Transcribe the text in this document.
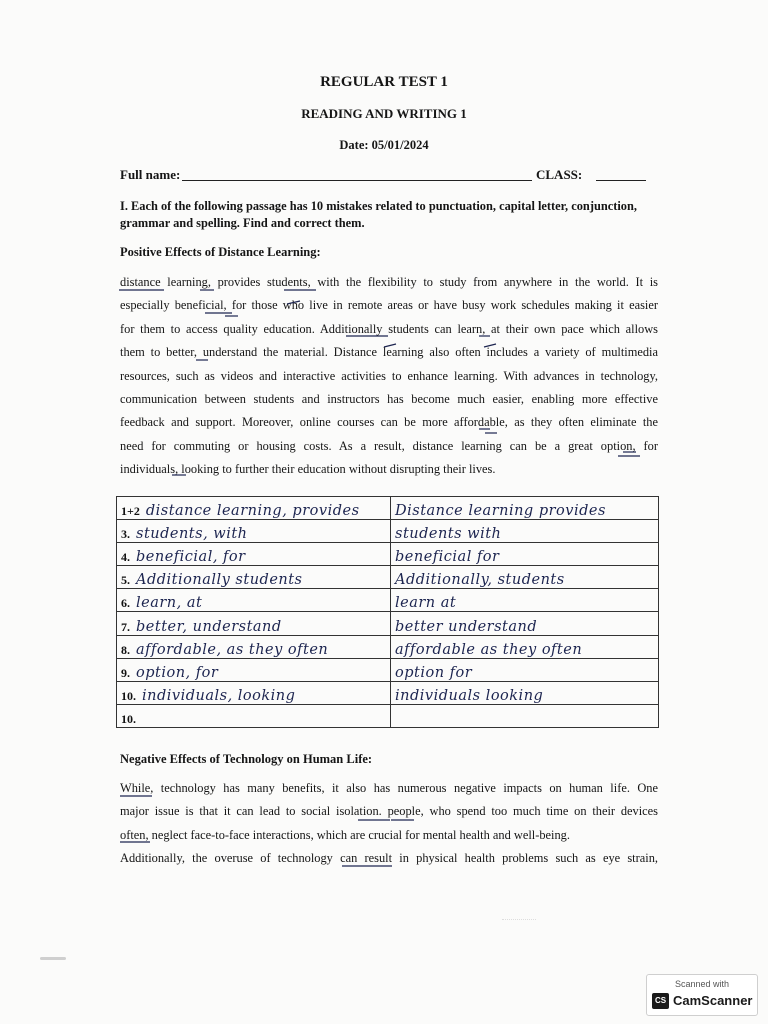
REGULAR TEST 1
READING AND WRITING 1
Date: 05/01/2024
Full name:	CLASS:
I. Each of the following passage has 10 mistakes related to punctuation, capital letter, conjunction, grammar and spelling. Find and correct them.
Positive Effects of Distance Learning:
distance learning, provides students, with the flexibility to study from anywhere in the world. It is
especially beneficial, for those who live in remote areas or have busy work schedules making it easier
for them to access quality education. Additionally students can learn, at their own pace which allows
them to better, understand the material. Distance learning also often includes a variety of multimedia
resources, such as videos and interactive activities to enhance learning. With advances in technology,
communication between students and instructors has become much easier, enabling more effective
feedback and support. Moreover, online courses can be more affordable, as they often eliminate the
need for commuting or housing costs. As a result, distance learning can be a great option, for
individuals, looking to further their education without disrupting their lives.
1+2 distance learning, provides	Distance learning provides
3. students, with	students with
4. beneficial, for	beneficial for
5. Additionally students	Additionally, students
6. learn, at	learn at
7. better, understand	better understand
8. affordable, as they often	affordable as they often
9. option, for	option for
10. individuals, looking	individuals looking
10.	
Negative Effects of Technology on Human Life:
While, technology has many benefits, it also has numerous negative impacts on human life. One
major issue is that it can lead to social isolation. people, who spend too much time on their devices
often, neglect face-to-face interactions, which are crucial for mental health and well-being.
Additionally, the overuse of technology can result in physical health problems such as eye strain,
Scanned with
CS CamScanner
